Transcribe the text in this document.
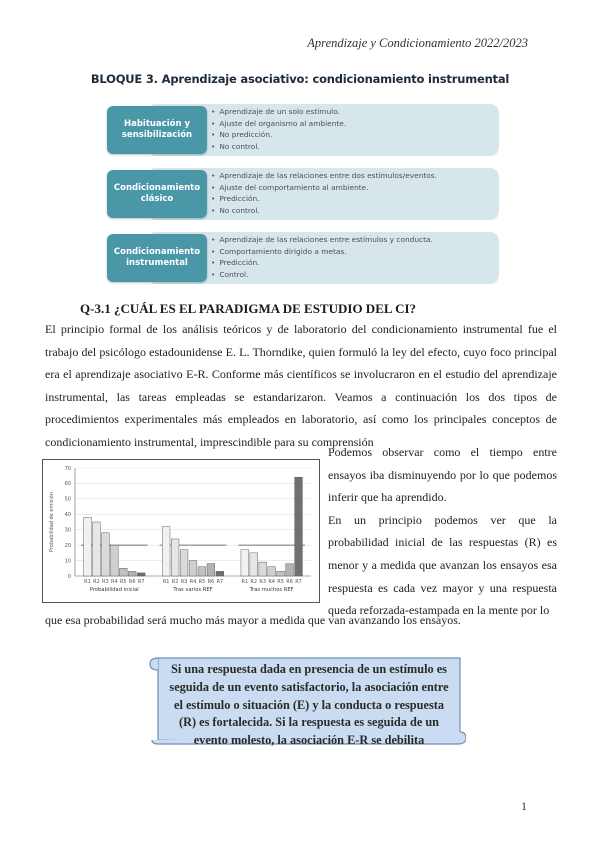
Aprendizaje y Condicionamiento 2022/2023
BLOQUE 3. Aprendizaje asociativo: condicionamiento instrumental
Habituación y
sensibilización
• Aprendizaje de un solo estímulo.
• Ajuste del organismo al ambiente.
• No predicción.
• No control.
Condicionamiento
clásico
• Aprendizaje de las relaciones entre dos estímulos/eventos.
• Ajuste del comportamiento al ambiente.
• Predicción.
• No control.
Condicionamiento
instrumental
• Aprendizaje de las relaciones entre estímulos y conducta.
• Comportamiento dirigido a metas.
• Predicción.
• Control.
Q-3.1 ¿CUÁL ES EL PARADIGMA DE ESTUDIO DEL CI?

El principio formal de los análisis teóricos y de laboratorio del condicionamiento instrumental fue el trabajo del psicólogo estadounidense E. L. Thorndike, quien formuló la ley del efecto, cuyo foco principal era el aprendizaje asociativo E-R. Conforme más científicos se involucraron en el estudio del aprendizaje instrumental, las tareas empleadas se estandarizaron. Veamos a continuación los dos tipos de procedimientos experimentales más empleados en laboratorio, así como los principales conceptos de condicionamiento instrumental, imprescindible para su comprensión

0
10
20
30
40
50
60
70
Probabilidad de emisión
R1 R2 R3 R4 R5 R6 R7
Probabilidad inicial
R1 R2 R3 R4 R5 R6 R7
Tras varios REF
R1 R2 R3 R4 R5 R6 R7
Tras muchos REF

Podemos observar como el tiempo entre ensayos iba disminuyendo por lo que podemos inferir que ha aprendido.

En un principio podemos ver que la probabilidad inicial de las respuestas (R) es menor y a medida que avanzan los ensayos esa respuesta es cada vez mayor y una respuesta queda reforzada-estampada en la mente por lo

que esa probabilidad será mucho más mayor a medida que van avanzando los ensayos.

Si una respuesta dada en presencia de un estímulo es
seguida de un evento satisfactorio, la asociación entre
el estímulo o situación (E) y la conducta o respuesta
(R) es fortalecida. Si la respuesta es seguida de un
evento molesto, la asociación E-R se debilita
1
